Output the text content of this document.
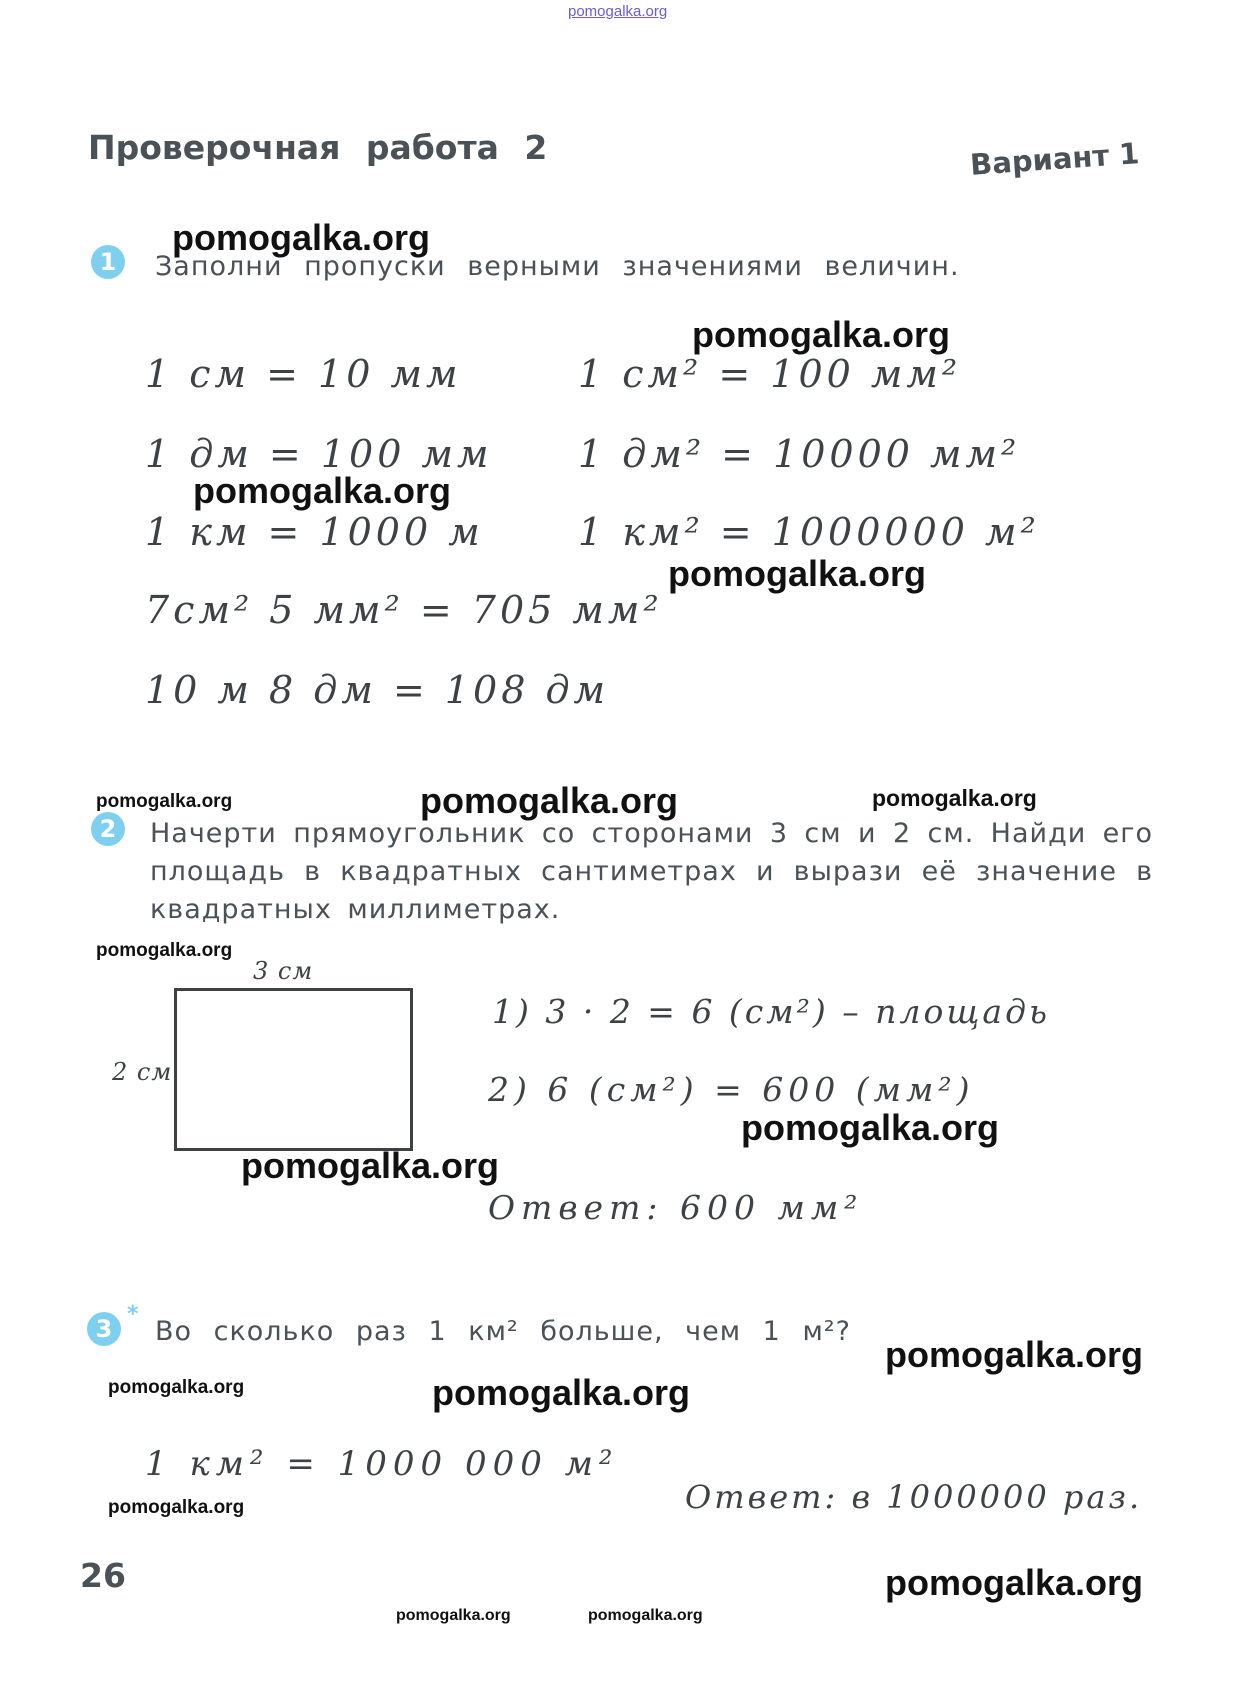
pomogalka.org
Проверочная работа 2	Вариант 1
1	Заполни пропуски верными значениями величин.
1 см = 10 мм	1 см² = 100 мм²
1 дм = 100 мм 1 дм² = 10000 мм²
1 км = 1000 м 1 км² = 1000000 м²
7см² 5 мм² = 705 мм²
10 м 8 дм = 108 дм
2	Начерти прямоугольник со сторонами 3 см и 2 см. Найди его площадь в квадратных сантиметрах и вырази её значение в квадратных миллиметрах.

3 см
2 см
1) 3 · 2 = 6 (см²) – площадь
2) 6 (см²) = 600 (мм²)
Ответ: 600 мм²
3
*
Во сколько раз 1 км² больше, чем 1 м²?
1 км² = 1000 000 м²
Ответ: в 1000000 раз.
26
pomogalka.org
pomogalka.org
pomogalka.org
pomogalka.org
pomogalka.org	pomogalka.org	pomogalka.org
pomogalka.org
pomogalka.org
pomogalka.org
pomogalka.org
pomogalka.org	pomogalka.org
pomogalka.org
pomogalka.org
pomogalka.org	pomogalka.org
